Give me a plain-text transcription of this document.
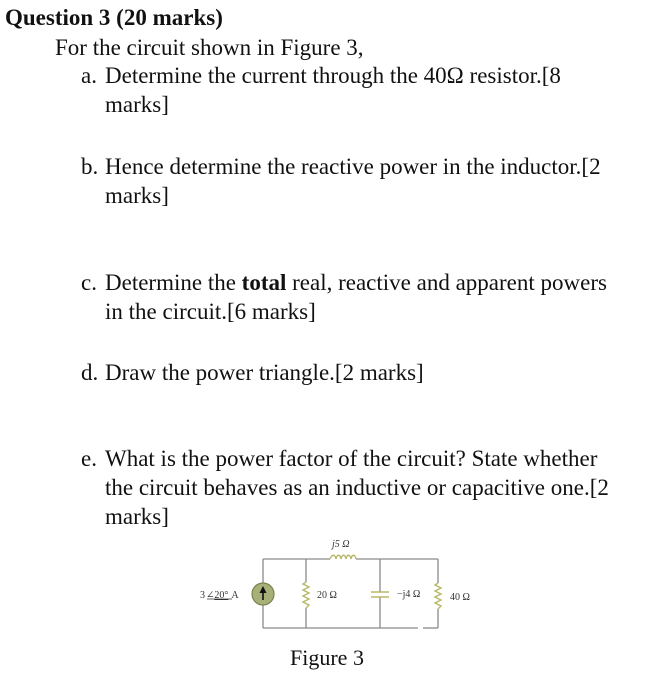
Question 3 (20 marks)
For the circuit shown in Figure 3,
a. Determine the current through the 40Ω resistor.[8
marks]
b. Hence determine the reactive power in the inductor.[2
marks]
c. Determine the total real, reactive and apparent powers
in the circuit.[6 marks]
d. Draw the power triangle.[2 marks]
e. What is the power factor of the circuit? State whether
the circuit behaves as an inductive or capacitive one.[2
marks]
3∠20° A
j5 Ω
20 Ω	−j4 Ω	40 Ω
Figure 3
